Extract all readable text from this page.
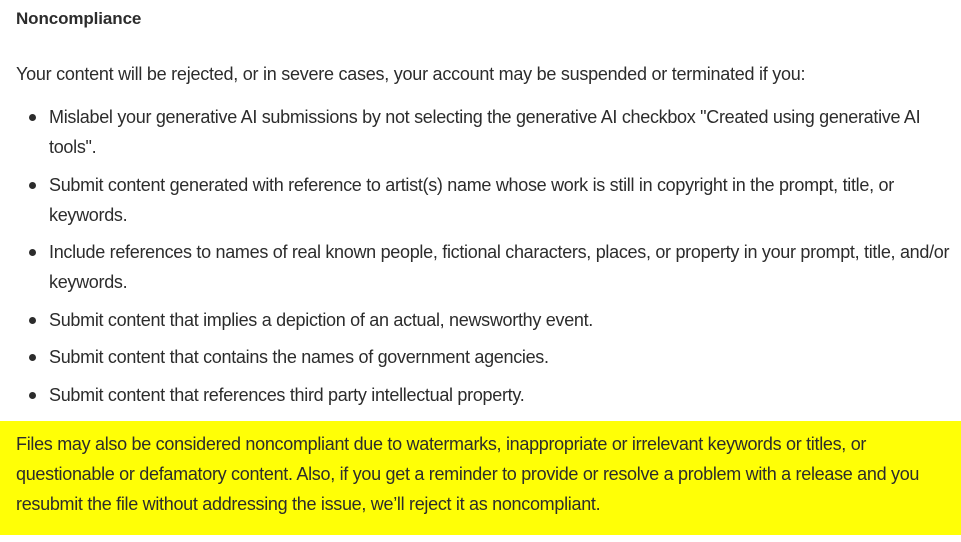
Noncompliance
Your content will be rejected, or in severe cases, your account may be suspended or terminated if you:
Mislabel your generative AI submissions by not selecting the generative AI checkbox "Created using generative AI tools".
Submit content generated with reference to artist(s) name whose work is still in copyright in the prompt, title, or keywords.
Include references to names of real known people, fictional characters, places, or property in your prompt, title, and/or keywords.
Submit content that implies a depiction of an actual, newsworthy event.
Submit content that contains the names of government agencies.
Submit content that references third party intellectual property.

Files may also be considered noncompliant due to watermarks, inappropriate or irrelevant keywords or titles, or questionable or defamatory content. Also, if you get a reminder to provide or resolve a problem with a release and you resubmit the file without addressing the issue, we’ll reject it as noncompliant.
